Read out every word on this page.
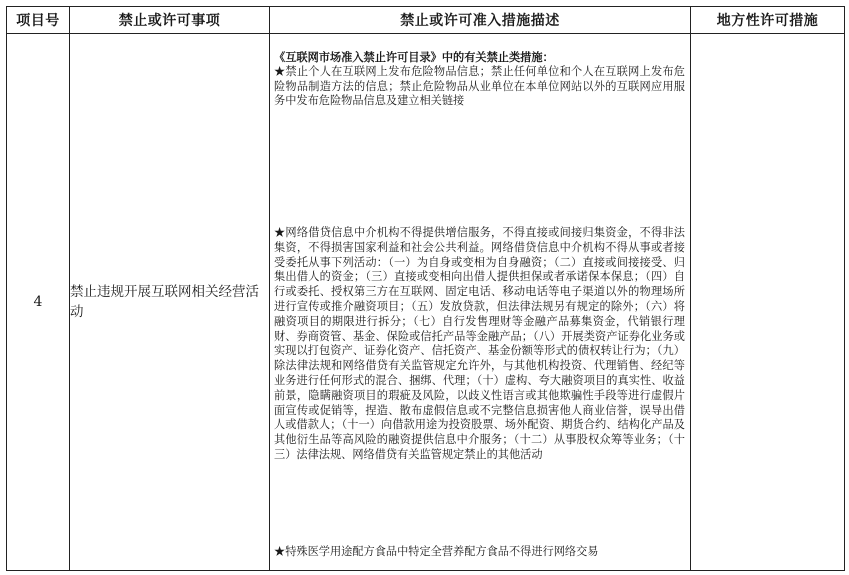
项目号	禁止或许可事项	禁止或许可准入措施描述	地方性许可措施
4	禁止违规开展互联网相关经营活动	《互联网市场准入禁止许可目录》中的有关禁止类措施：
★禁止个人在互联网上发布危险物品信息；禁止任何单位和个人在互联网上发布危险物品制造方法的信息；禁止危险物品从业单位在本单位网站以外的互联网应用服务中发布危险物品信息及建立相关链接
★网络借贷信息中介机构不得提供增信服务，不得直接或间接归集资金，不得非法集资，不得损害国家利益和社会公共利益。网络借贷信息中介机构不得从事或者接受委托从事下列活动：（一）为自身或变相为自身融资；（二）直接或间接接受、归集出借人的资金；（三）直接或变相向出借人提供担保或者承诺保本保息；（四）自行或委托、授权第三方在互联网、固定电话、移动电话等电子渠道以外的物理场所进行宣传或推介融资项目；（五）发放贷款，但法律法规另有规定的除外；（六）将融资项目的期限进行拆分；（七）自行发售理财等金融产品募集资金，代销银行理财、券商资管、基金、保险或信托产品等金融产品；（八）开展类资产证券化业务或实现以打包资产、证券化资产、信托资产、基金份额等形式的债权转让行为；（九）除法律法规和网络借贷有关监管规定允许外，与其他机构投资、代理销售、经纪等业务进行任何形式的混合、捆绑、代理；（十）虚构、夸大融资项目的真实性、收益前景，隐瞒融资项目的瑕疵及风险，以歧义性语言或其他欺骗性手段等进行虚假片面宣传或促销等，捏造、散布虚假信息或不完整信息损害他人商业信誉，误导出借人或借款人；（十一）向借款用途为投资股票、场外配资、期货合约、结构化产品及其他衍生品等高风险的融资提供信息中介服务；（十二）从事股权众筹等业务；（十三）法律法规、网络借贷有关监管规定禁止的其他活动
★特殊医学用途配方食品中特定全营养配方食品不得进行网络交易	
